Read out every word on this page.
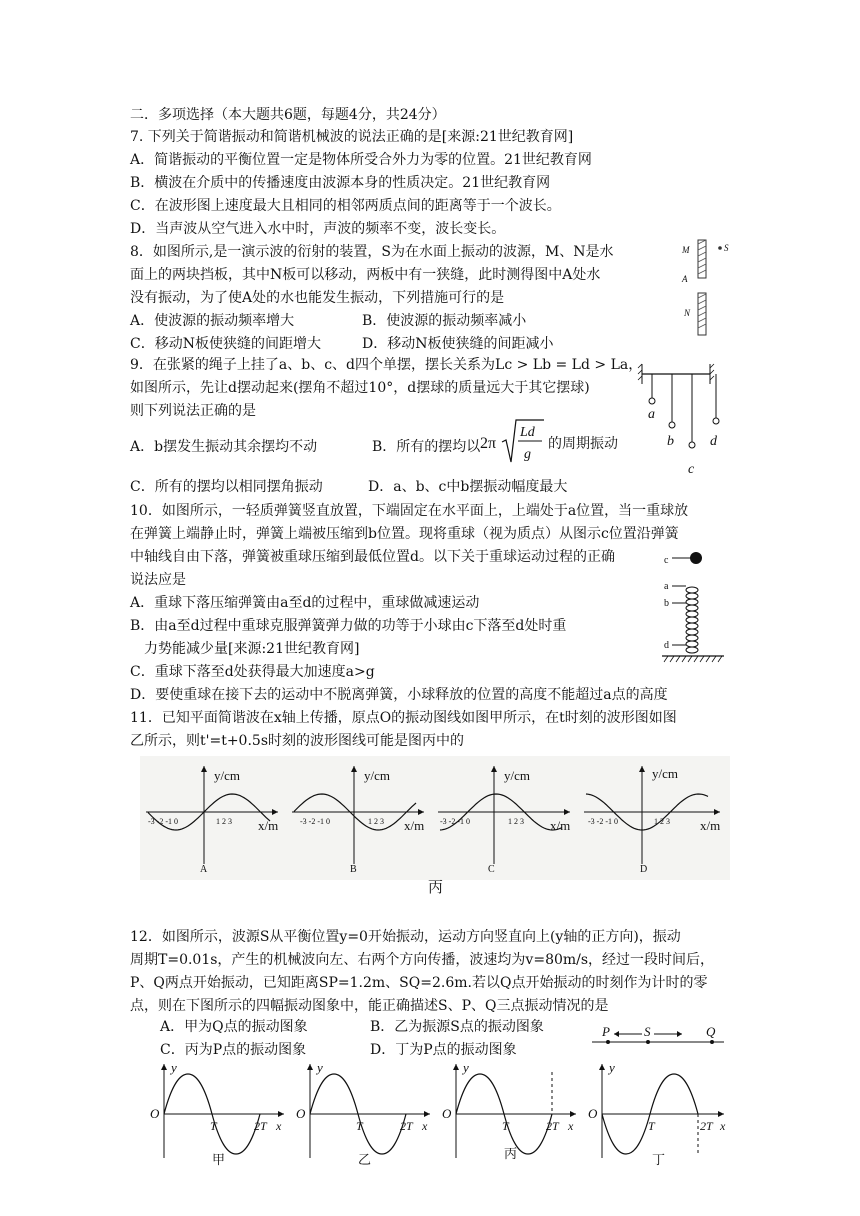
二．多项选择（本大题共6题，每题4分，共24分）
7. 下列关于简谐振动和简谐机械波的说法正确的是[来源:21世纪教育网]
A．简谐振动的平衡位置一定是物体所受合外力为零的位置。21世纪教育网
B．横波在介质中的传播速度由波源本身的性质决定。21世纪教育网
C．在波形图上速度最大且相同的相邻两质点间的距离等于一个波长。
D．当声波从空气进入水中时，声波的频率不变，波长变长。
8．如图所示,是一演示波的衍射的装置，S为在水面上振动的波源，M、N是水
面上的两块挡板，其中N板可以移动，两板中有一狭缝，此时测得图中A处水
没有振动，为了使A处的水也能发生振动，下列措施可行的是
A．使波源的振动频率增大	B．使波源的振动频率减小
C．移动N板使狭缝的间距增大	D．移动N板使狭缝的间距减小
M	S
A
N
9．在张紧的绳子上挂了a、b、c、d四个单摆，摆长关系为Lc > Lb = Ld > La，
如图所示，先让d摆动起来(摆角不超过10°，d摆球的质量远大于其它摆球)
则下列说法正确的是
A．b摆发生振动其余摆均不动	B．所有的摆均以 2π
Ld
g
的周期振动
C．所有的摆均以相同摆角振动	D．a、b、c中b摆振动幅度最大
a
b
c
d
10．如图所示，一轻质弹簧竖直放置，下端固定在水平面上，上端处于a位置，当一重球放
在弹簧上端静止时，弹簧上端被压缩到b位置。现将重球（视为质点）从图示c位置沿弹簧
中轴线自由下落，弹簧被重球压缩到最低位置d。以下关于重球运动过程的正确
说法应是
A．重球下落压缩弹簧由a至d的过程中，重球做减速运动
B．由a至d过程中重球克服弹簧弹力做的功等于小球由c下落至d处时重
力势能减少量[来源:21世纪教育网]
C．重球下落至d处获得最大加速度a>g
D．要使重球在接下去的运动中不脱离弹簧，小球释放的位置的高度不能超过a点的高度
c
a
b
d
11．已知平面简谐波在x轴上传播，原点O的振动图线如图甲所示，在t时刻的波形图如图
乙所示，则t'=t+0.5s时刻的波形图线可能是图丙中的
y/cm
x/m
-3 -2 -1 0	1 2 3
A
y/cm
x/m
-3 -2 -1 0	1 2 3
B
y/cm
x/m
-3 -2 -1 0	1 2 3
C
y/cm
x/m
-3 -2 -1 0	1 2 3
D
丙
12．如图所示，波源S从平衡位置y=0开始振动，运动方向竖直向上(y轴的正方向)，振动
周期T=0.01s，产生的机械波向左、右两个方向传播，波速均为v=80m/s，经过一段时间后，
P、Q两点开始振动，已知距离SP=1.2m、SQ=2.6m.若以Q点开始振动的时刻作为计时的零
点，则在下图所示的四幅振动图象中，能正确描述S、P、Q三点振动情况的是
A．甲为Q点的振动图象	B．乙为振源S点的振动图象
C．丙为P点的振动图象	D．丁为P点的振动图象
P	S	Q
y
O
T	2T x
甲
y
O
T	2T x
乙
y
O
T	2T x
丙
y
O
T	2T x
丁
